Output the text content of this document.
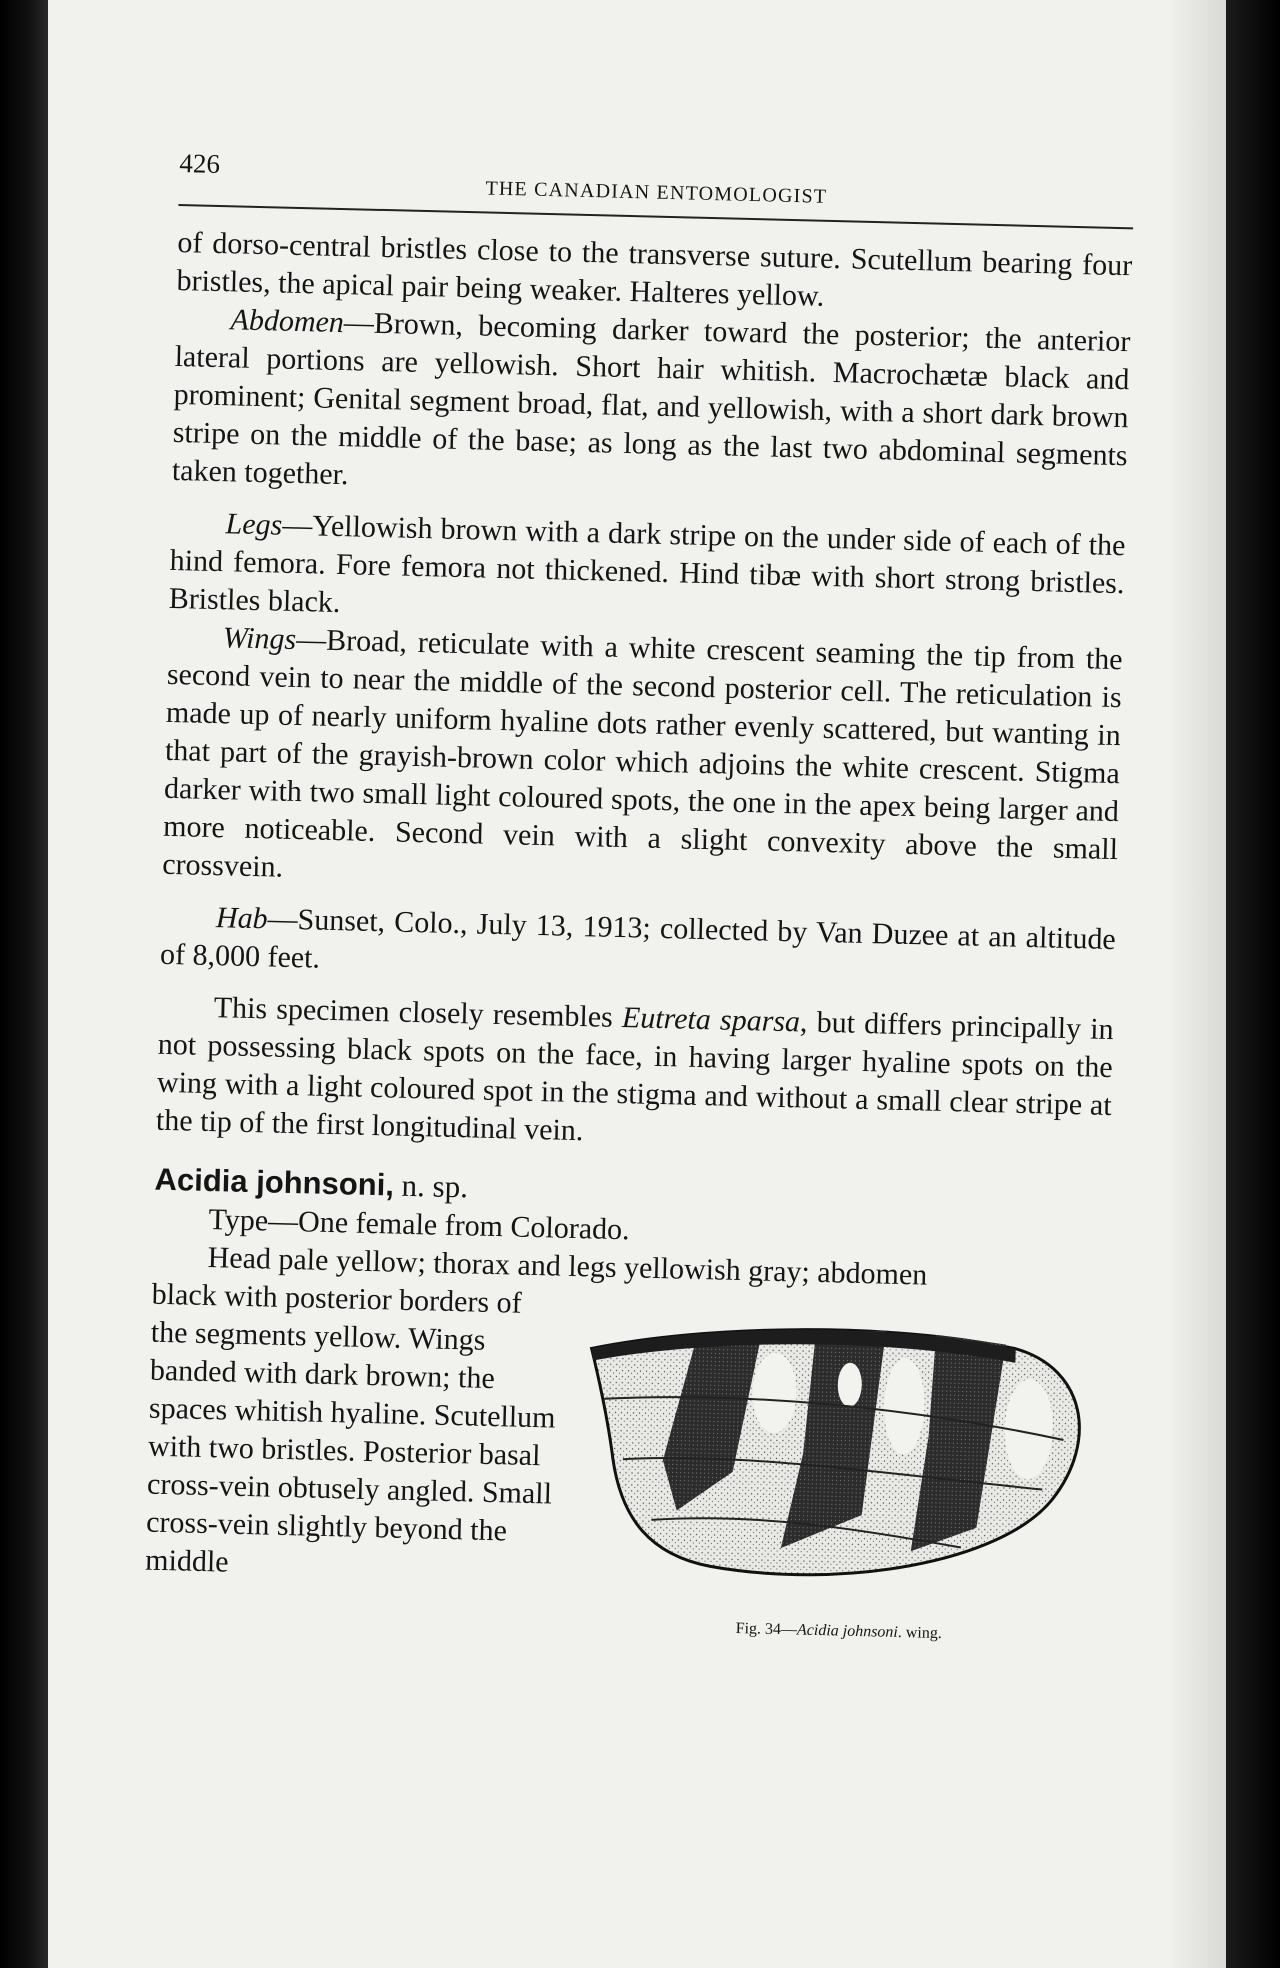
426
THE CANADIAN ENTOMOLOGIST

of dorso-central bristles close to the transverse suture. Scutellum bearing four bristles, the apical pair being weaker. Halteres yellow.

Abdomen—Brown, becoming darker toward the posterior; the anterior lateral portions are yellowish. Short hair whitish. Macrochætæ black and prominent; Genital segment broad, flat, and yellowish, with a short dark brown stripe on the middle of the base; as long as the last two abdominal segments taken together.

Legs—Yellowish brown with a dark stripe on the under side of each of the hind femora. Fore femora not thickened. Hind tibæ with short strong bristles. Bristles black.

Wings—Broad, reticulate with a white crescent seaming the tip from the second vein to near the middle of the second posterior cell. The reticulation is made up of nearly uniform hyaline dots rather evenly scattered, but wanting in that part of the grayish-brown color which adjoins the white crescent. Stigma darker with two small light coloured spots, the one in the apex being larger and more noticeable. Second vein with a slight convexity above the small crossvein.

Hab—Sunset, Colo., July 13, 1913; collected by Van Duzee at an altitude of 8,000 feet.

This specimen closely resembles Eutreta sparsa, but differs principally in not possessing black spots on the face, in having larger hyaline spots on the wing with a light coloured spot in the stigma and without a small clear stripe at the tip of the first longitudinal vein.

Acidia johnsoni, n. sp.

Type—One female from Colorado.

Head pale yellow; thorax and legs yellowish gray; abdomen

Fig. 34—Acidia johnsoni. wing.

black with posterior borders of the segments yellow. Wings banded with dark brown; the spaces whitish hyaline. Scutellum with two bristles. Posterior basal cross-vein obtusely angled. Small cross-vein slightly beyond the middle
